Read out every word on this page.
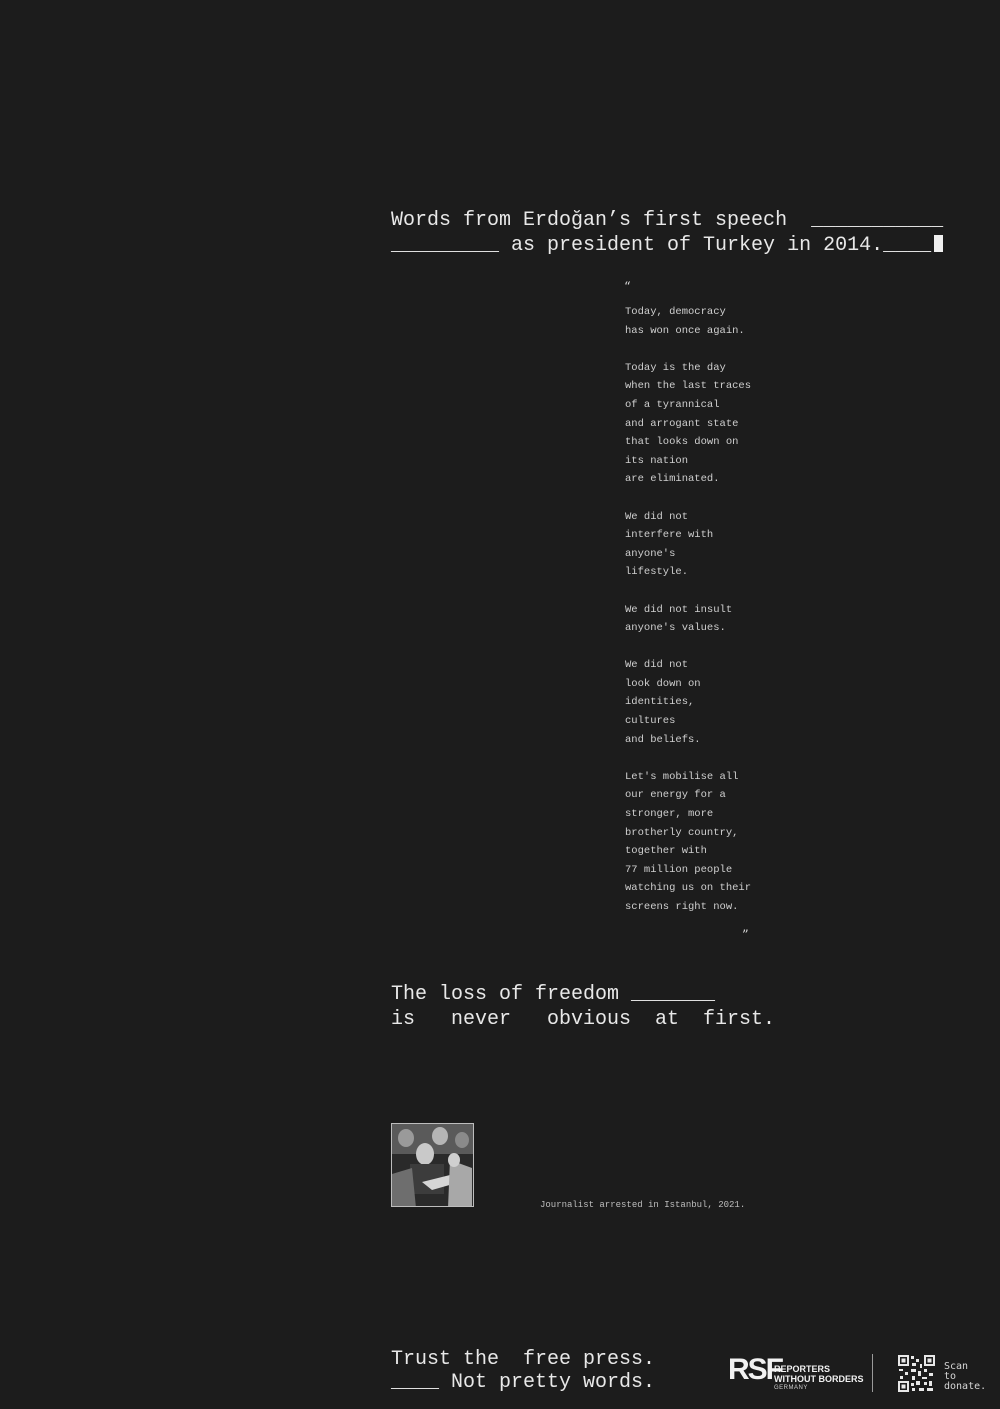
Words from Erdoğan’s first speech  ___________
_________ as president of Turkey in 2014.____
“

Today, democracy
has won once again.

Today is the day
when the last traces
of a tyrannical
and arrogant state
that looks down on
its nation
are eliminated.

We did not
interfere with
anyone's
lifestyle.

We did not insult
anyone's values.

We did not
look down on
identities,
cultures
and beliefs.

Let's mobilise all
our energy for a
stronger, more
brotherly country,
together with
77 million people
watching us on their
screens right now.

”
The loss of freedom _______
is   never   obvious  at  first.
Journalist arrested in Istanbul, 2021.
Trust the  free press.
____ Not pretty words.	RSF
REPORTERS
WITHOUT BORDERS
GERMANY
Scan
to
donate.
